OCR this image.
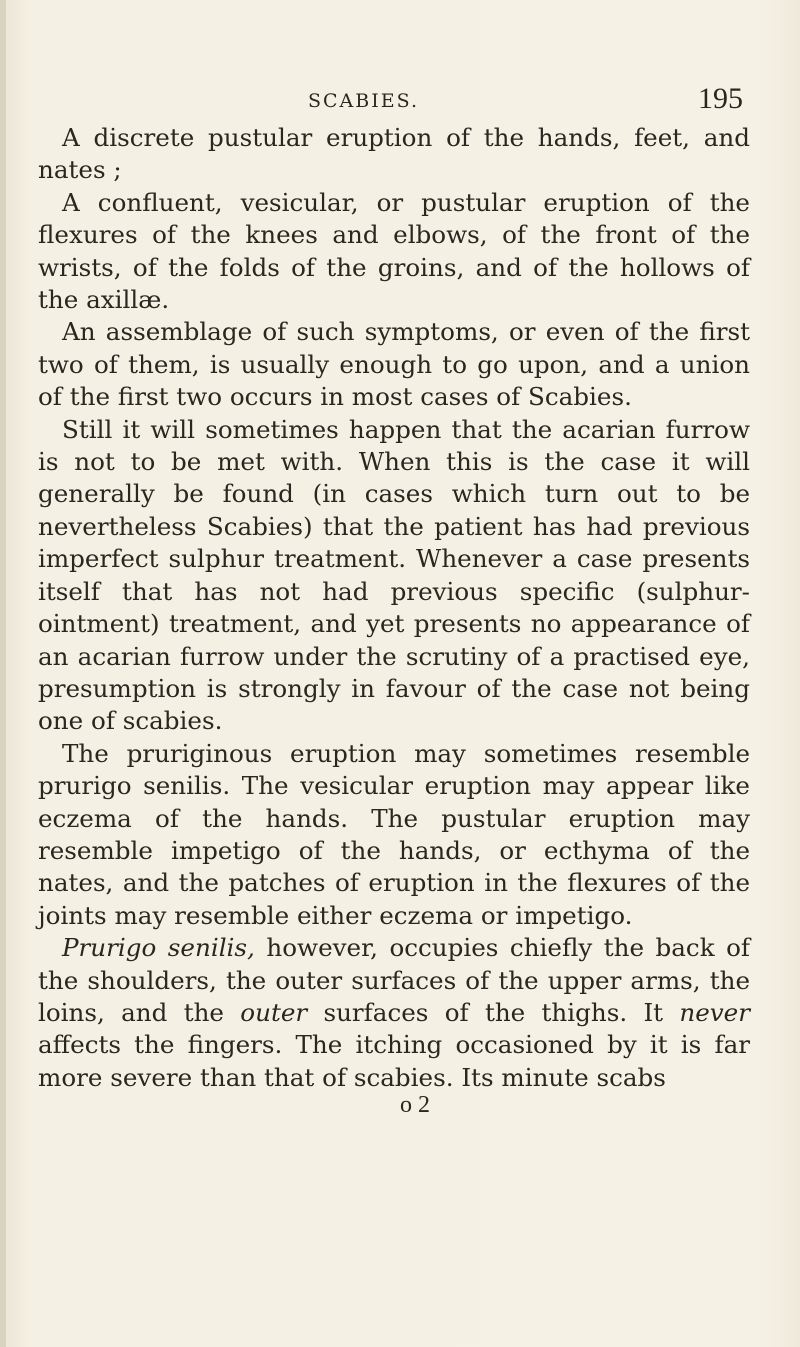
SCABIES.	195

A discrete pustular eruption of the hands, feet, and nates ;

A confluent, vesicular, or pustular eruption of the flexures of the knees and elbows, of the front of the wrists, of the folds of the groins, and of the hollows of the axillæ.

An assemblage of such symptoms, or even of the first two of them, is usually enough to go upon, and a union of the first two occurs in most cases of Scabies.

Still it will sometimes happen that the acarian furrow is not to be met with. When this is the case it will generally be found (in cases which turn out to be nevertheless Scabies) that the patient has had previous imperfect sulphur treatment. Whenever a case presents itself that has not had previous specific (sulphur-ointment) treatment, and yet presents no appearance of an acarian furrow under the scrutiny of a practised eye, presumption is strongly in favour of the case not being one of scabies.

The pruriginous eruption may sometimes resemble prurigo senilis. The vesicular eruption may appear like eczema of the hands. The pustular eruption may resemble impetigo of the hands, or ecthyma of the nates, and the patches of eruption in the flexures of the joints may resemble either eczema or impetigo.

Prurigo senilis, however, occupies chiefly the back of the shoulders, the outer surfaces of the upper arms, the loins, and the outer surfaces of the thighs. It never affects the fingers. The itching occasioned by it is far more severe than that of scabies. Its minute scabs

o 2
